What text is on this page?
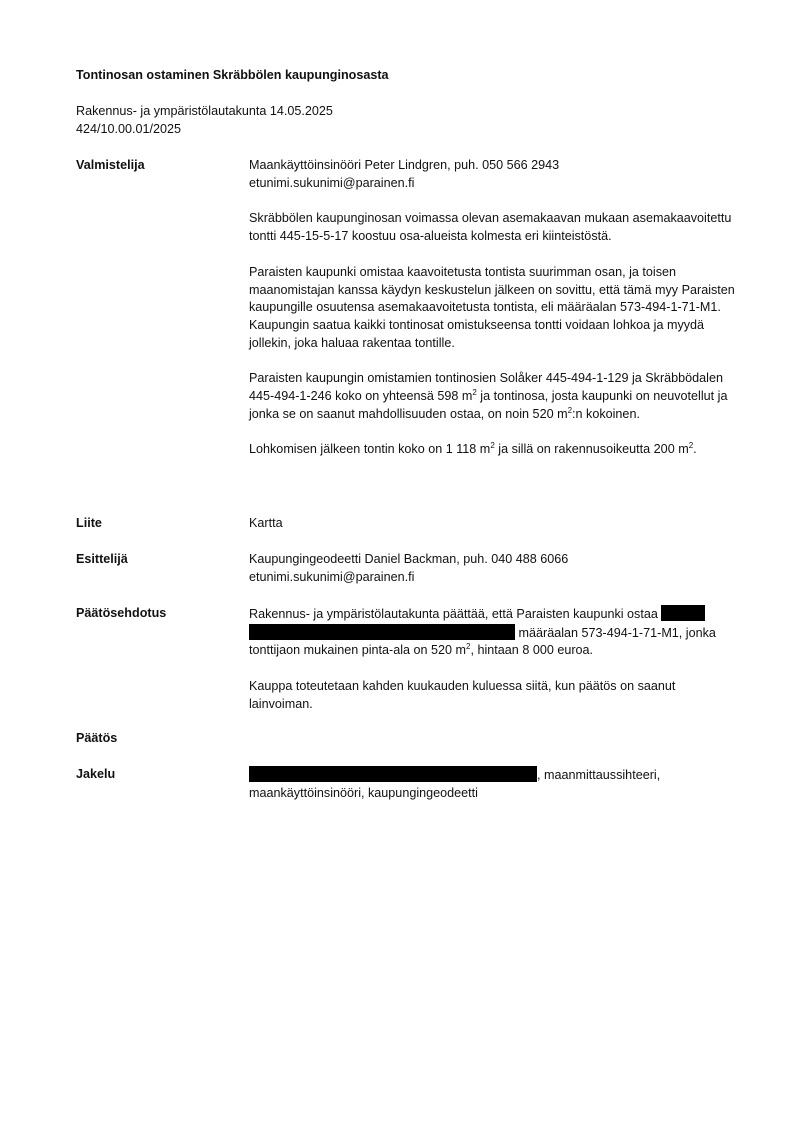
Tontinosan ostaminen Skräbbölen kaupunginosasta
Rakennus- ja ympäristölautakunta 14.05.2025
424/10.00.01/2025
Valmistelija	Maankäyttöinsinööri Peter Lindgren, puh. 050 566 2943
etunimi.sukunimi@parainen.fi

Skräbbölen kaupunginosan voimassa olevan asemakaavan mukaan asemakaavoitettu tontti 445-15-5-17 koostuu osa-alueista kolmesta eri kiinteistöstä.

Paraisten kaupunki omistaa kaavoitetusta tontista suurimman osan, ja toisen maanomistajan kanssa käydyn keskustelun jälkeen on sovittu, että tämä myy Paraisten kaupungille osuutensa asemakaavoitetusta tontista, eli määräalan 573-494-1-71-M1. Kaupungin saatua kaikki tontinosat omistukseensa tontti voidaan lohkoa ja myydä jollekin, joka haluaa rakentaa tontille.

Paraisten kaupungin omistamien tontinosien Solåker 445-494-1-129 ja Skräbbödalen 445-494-1-246 koko on yhteensä 598 $m^2$ ja tontinosa, josta kaupunki on neuvotellut ja jonka se on saanut mahdollisuuden ostaa, on noin 520 $m^2:n$ kokoinen.

Lohkomisen jälkeen tontin koko on 1 118 $m^2$ ja sillä on rakennusoikeutta 200 $m^2$.

Liite	Kartta
Esittelijä	Kaupungingeodeetti Daniel Backman, puh. 040 488 6066
etunimi.sukunimi@parainen.fi
Päätösehdotus	Rakennus- ja ympäristölautakunta päättää, että Paraisten kaupunki ostaa
määräalan 573-494-1-71-M1, jonka tonttijaon mukainen pinta-ala on 520 $m^2$, hintaan 8 000 euroa.

Kauppa toteutetaan kahden kuukauden kuluessa siitä, kun päätös on saanut lainvoiman.

Päätös
Jakelu	, maanmittaussihteeri,
maankäyttöinsinööri, kaupungingeodeetti
